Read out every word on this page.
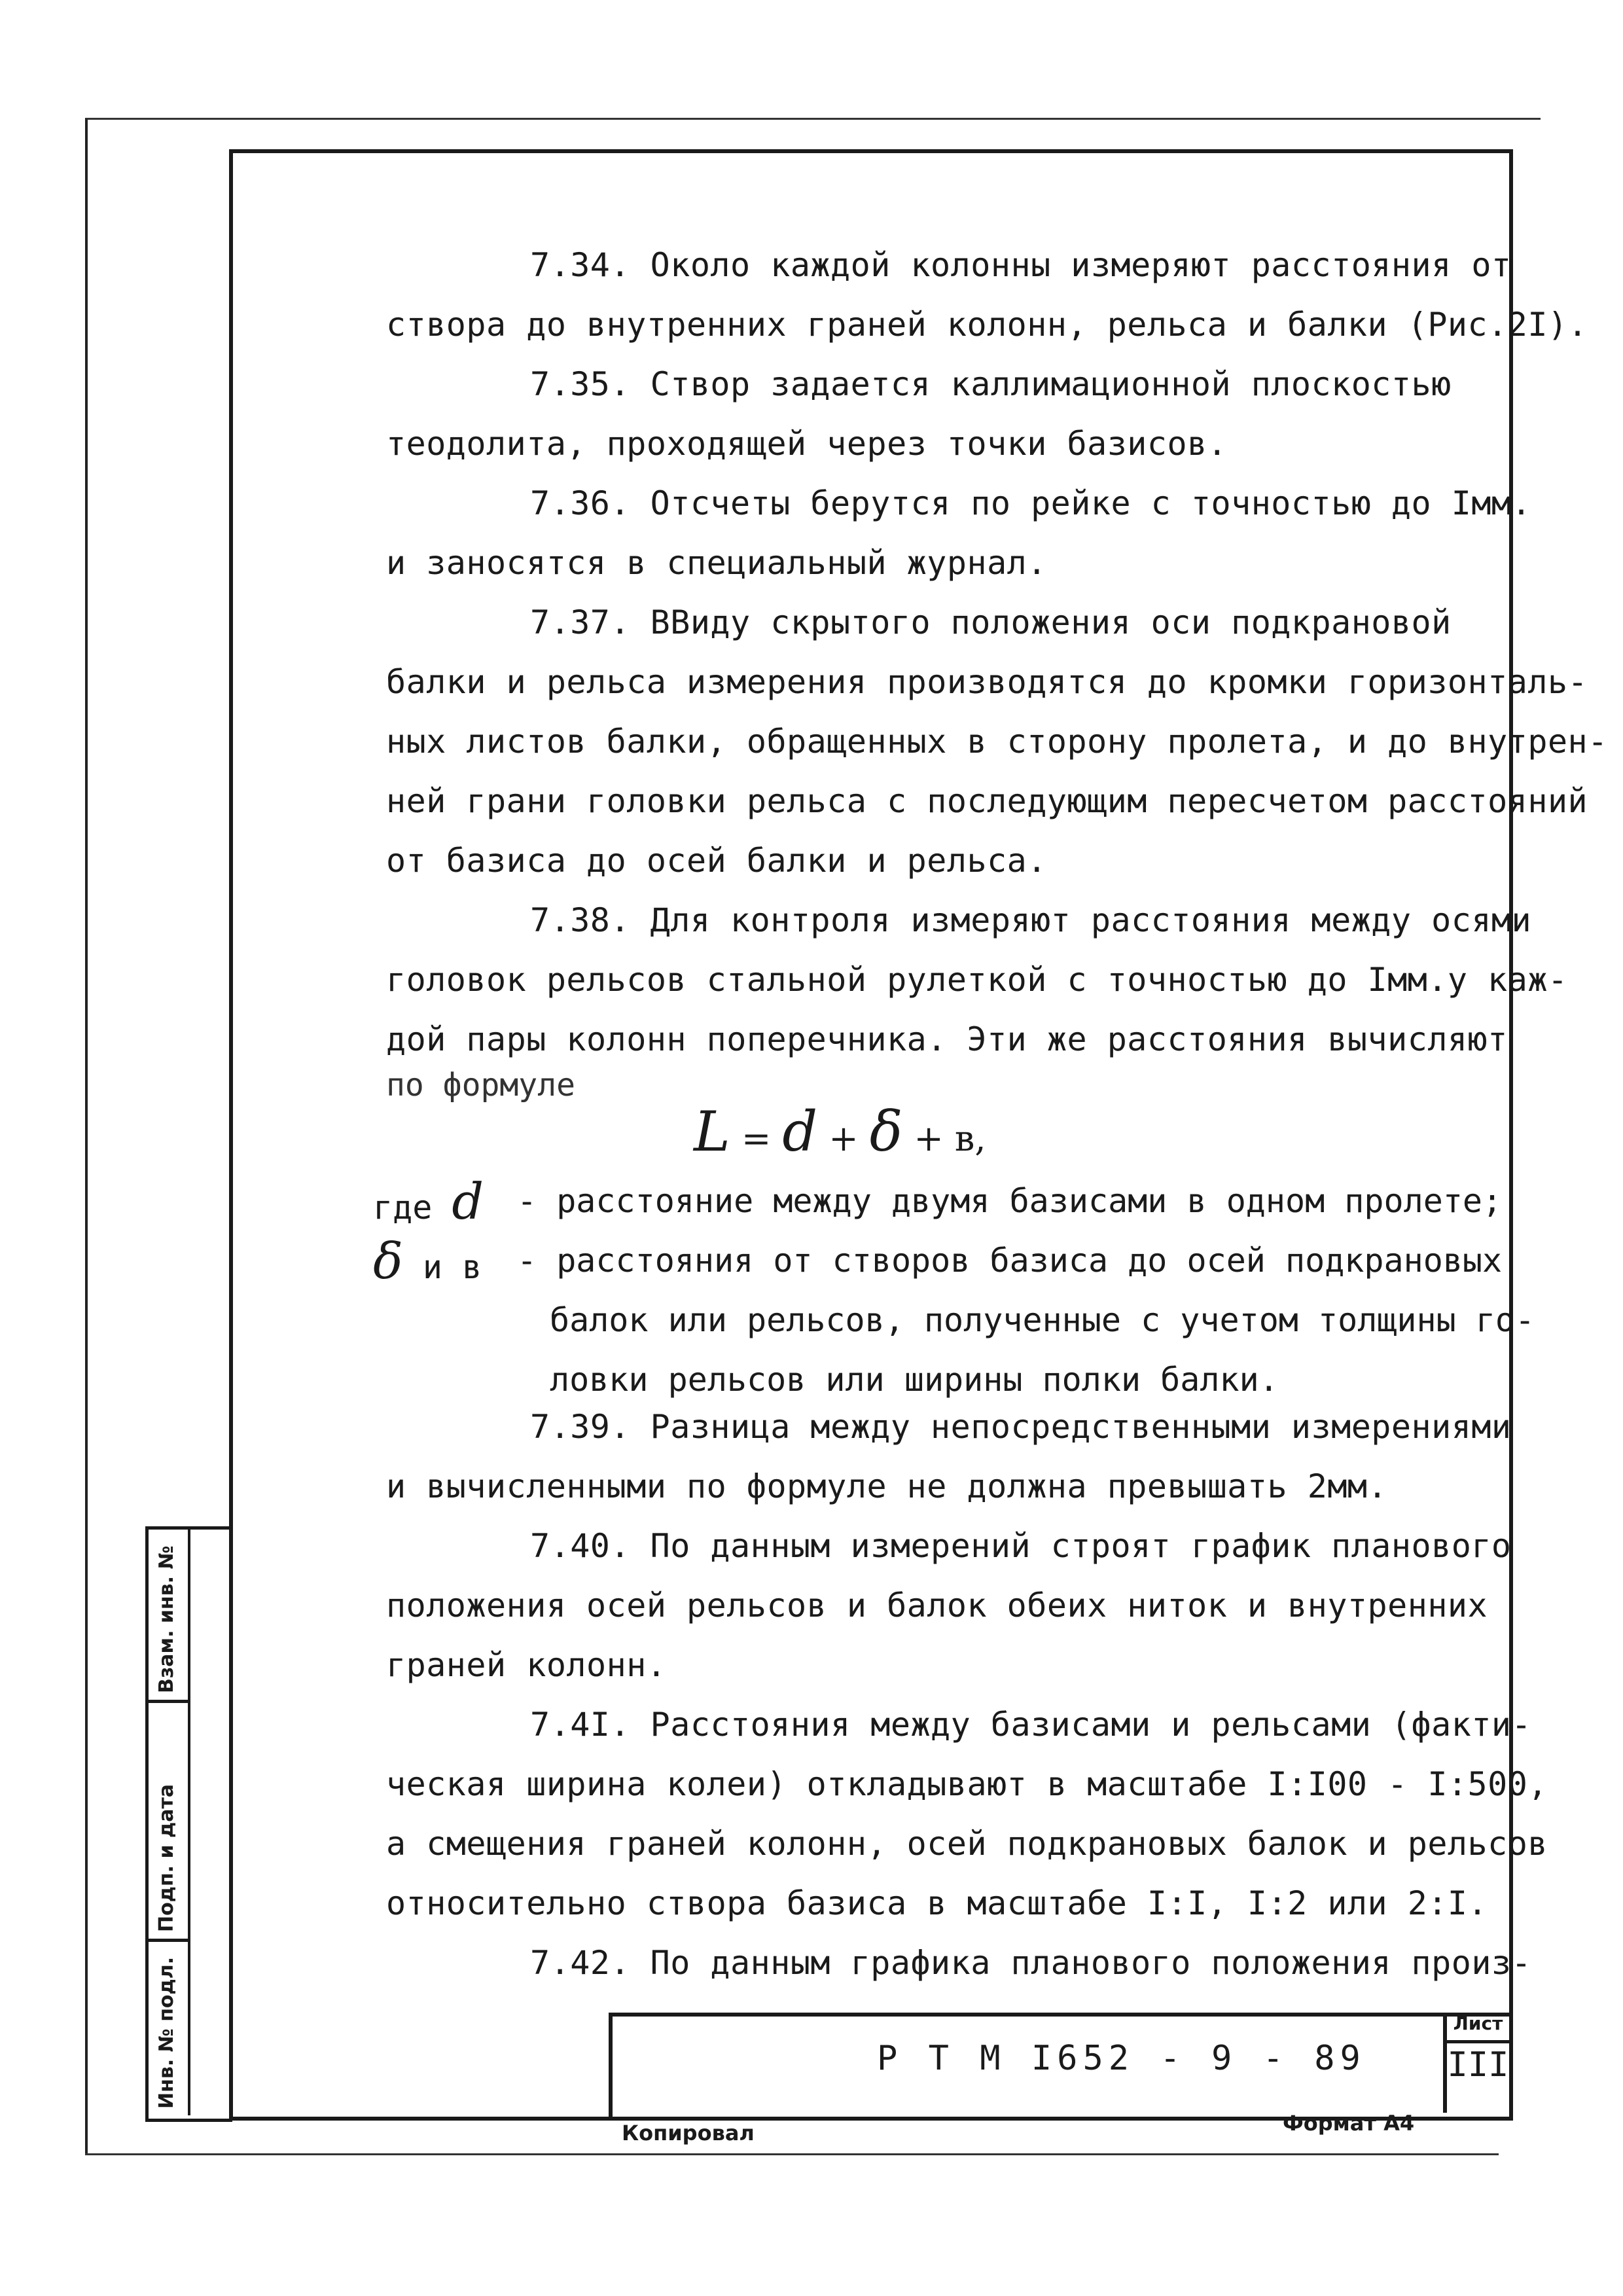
7.34. Около каждой колонны измеряют расстояния от
створа до внутренних граней колонн, рельса и балки (Рис.2I).

7.35. Створ задается каллимационной плоскостью
теодолита, проходящей через точки базисов.

7.36. Отсчеты берутся по рейке с точностью до Iмм.
и заносятся в специальный журнал.

7.37. ВВиду скрытого положения оси подкрановой
балки и рельса измерения производятся до кромки горизонталь-
ных листов балки, обращенных в сторону пролета, и до внутрен-
ней грани головки рельса с последующим пересчетом расстояний
от базиса до осей балки и рельса.

7.38. Для контроля измеряют расстояния между осями
головок рельсов стальной рулеткой с точностью до Iмм.у каж-
дой пары колонн поперечника. Эти же расстояния вычисляют

по формуле
L = d + δ + в,
где d - расстояние между двумя базисами в одном пролете;
δ и в - расстояния от створов базиса до осей подкрановых
балок или рельсов, полученные с учетом толщины го-
ловки рельсов или ширины полки балки.

7.39. Разница между непосредственными измерениями
и вычисленными по формуле не должна превышать 2мм.

7.40. По данным измерений строят график планового
положения осей рельсов и балок обеих ниток и внутренних
граней колонн.

7.4I. Расстояния между базисами и рельсами (факти-
ческая ширина колеи) откладывают в масштабе I:I00 - I:500,
а смещения граней колонн, осей подкрановых балок и рельсов
относительно створа базиса в масштабе I:I, I:2 или 2:I.

7.42. По данным графика планового положения произ-

Р Т М I652 - 9 - 89
Лист
III
Взам. инв. №
Подп. и дата
Инв. № подл.
Копировал	Формат А4
